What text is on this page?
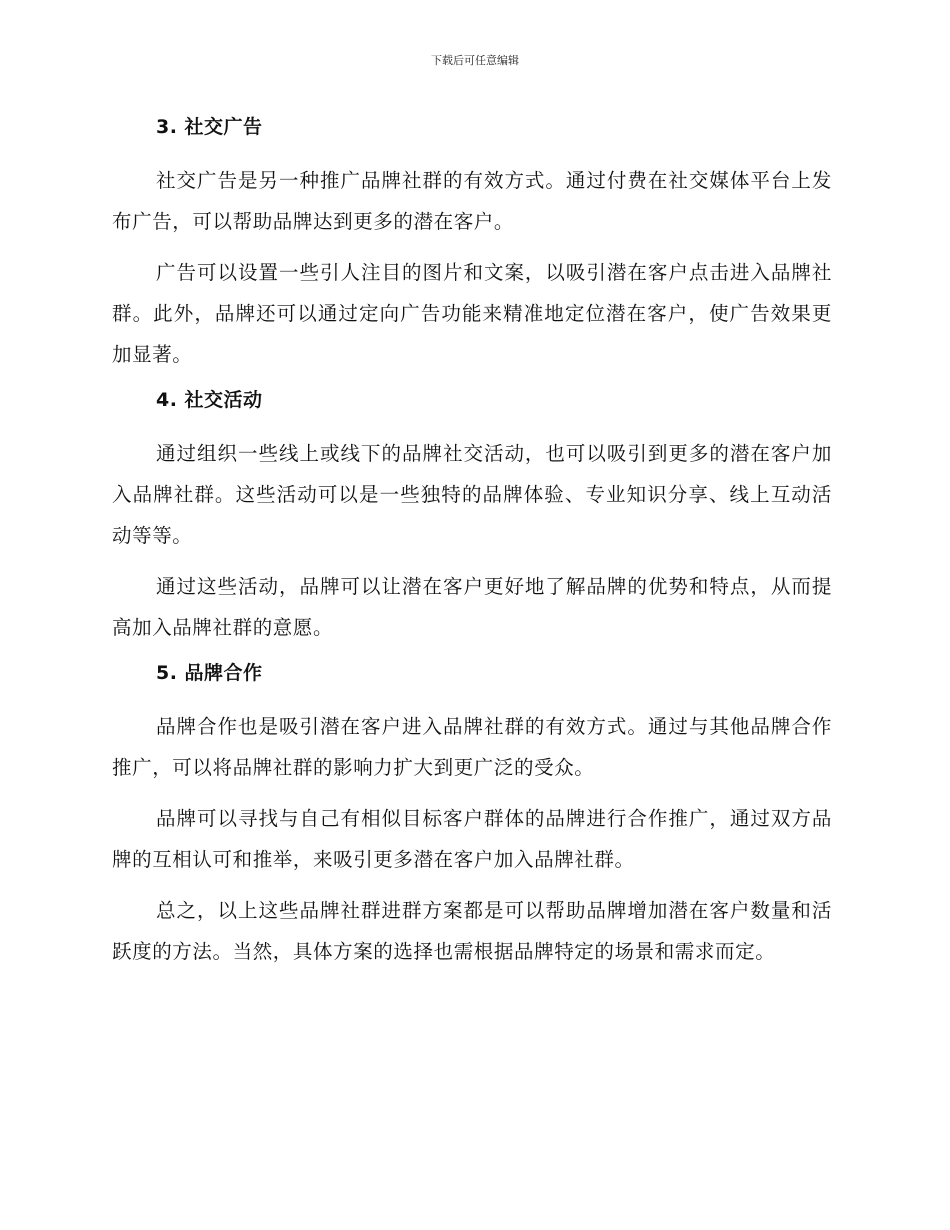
下载后可任意编辑
3. 社交广告

社交广告是另一种推广品牌社群的有效方式。通过付费在社交媒体平台上发布广告，可以帮助品牌达到更多的潜在客户。

广告可以设置一些引人注目的图片和文案，以吸引潜在客户点击进入品牌社群。此外，品牌还可以通过定向广告功能来精准地定位潜在客户，使广告效果更加显著。

4. 社交活动

通过组织一些线上或线下的品牌社交活动，也可以吸引到更多的潜在客户加入品牌社群。这些活动可以是一些独特的品牌体验、专业知识分享、线上互动活动等等。

通过这些活动，品牌可以让潜在客户更好地了解品牌的优势和特点，从而提高加入品牌社群的意愿。

5. 品牌合作

品牌合作也是吸引潜在客户进入品牌社群的有效方式。通过与其他品牌合作推广，可以将品牌社群的影响力扩大到更广泛的受众。

品牌可以寻找与自己有相似目标客户群体的品牌进行合作推广，通过双方品牌的互相认可和推举，来吸引更多潜在客户加入品牌社群。

总之，以上这些品牌社群进群方案都是可以帮助品牌增加潜在客户数量和活跃度的方法。当然，具体方案的选择也需根据品牌特定的场景和需求而定。
